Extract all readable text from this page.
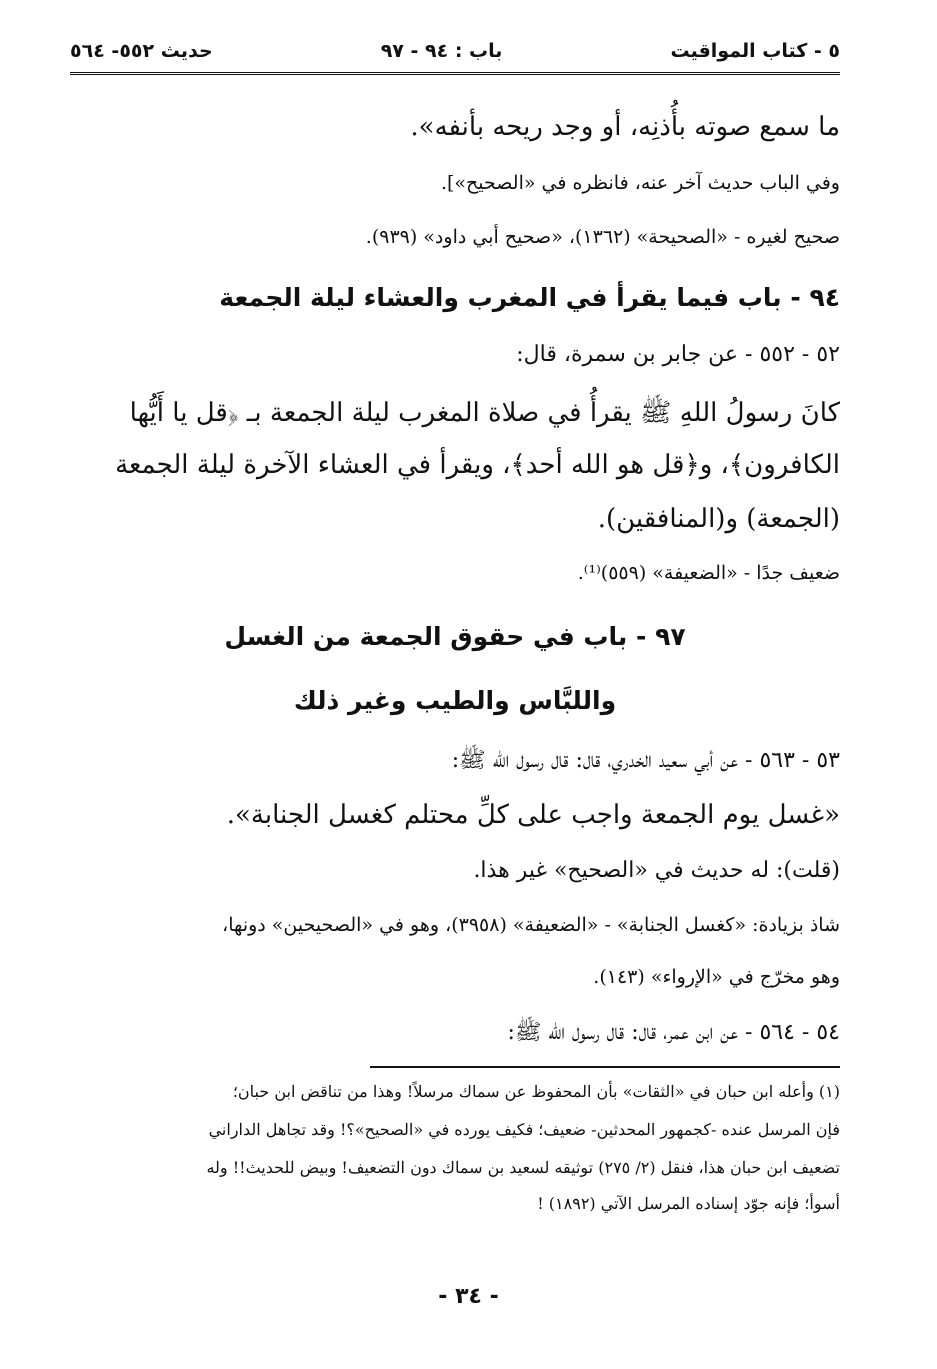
حديث ٥٥٢- ٥٦٤	باب : ٩٤ - ٩٧	٥ - كتاب المواقيت
ما سمع صوته بأُذنِه، أو وجد ريحه بأنفه».
وفي الباب حديث آخر عنه، فانظره في «الصحيح»].
صحيح لغيره - «الصحيحة» (١٣٦٢)، «صحيح أبي داود» (٩٣٩).
٩٤ - باب فيما يقرأ في المغرب والعشاء ليلة الجمعة
٥٢ - ٥٥٢ - عن جابر بن سمرة، قال:
كانَ رسولُ اللهِ ﷺ يقرأُ في صلاة المغرب ليلة الجمعة بـ ﴿قل يا أَيُّها
الكافرون﴾، و﴿قل هو الله أحد﴾، ويقرأ في العشاء الآخرة ليلة الجمعة
(الجمعة) و(المنافقين).
ضعيف جدًا - «الضعيفة» (٥٥٩)⁽¹⁾.
٩٧ - باب في حقوق الجمعة من الغسل
واللبَّاس والطيب وغير ذلك
٥٣ - ٥٦٣ - عن أبي سعيد الخدري، قال: قال رسول الله ﷺ:
«غسل يوم الجمعة واجب على كلِّ محتلم كغسل الجنابة».
(قلت): له حديث في «الصحيح» غير هذا.
شاذ بزيادة: «كغسل الجنابة» - «الضعيفة» (٣٩٥٨)، وهو في «الصحيحين» دونها،
وهو مخرّج في «الإرواء» (١٤٣).
٥٤ - ٥٦٤ - عن ابن عمر، قال: قال رسول الله ﷺ:
(١) وأعله ابن حبان في «الثقات» بأن المحفوظ عن سماك مرسلاً! وهذا من تناقض ابن حبان؛
فإن المرسل عنده -كجمهور المحدثين- ضعيف؛ فكيف يورده في «الصحيح»؟! وقد تجاهل الداراني
تضعيف ابن حبان هذا، فنقل (٢/ ٢٧٥) توثيقه لسعيد بن سماك دون التضعيف! وبيض للحديث!! وله
أسوأ؛ فإنه جوّد إسناده المرسل الآتي (١٨٩٢) !
- ٣٤ -
